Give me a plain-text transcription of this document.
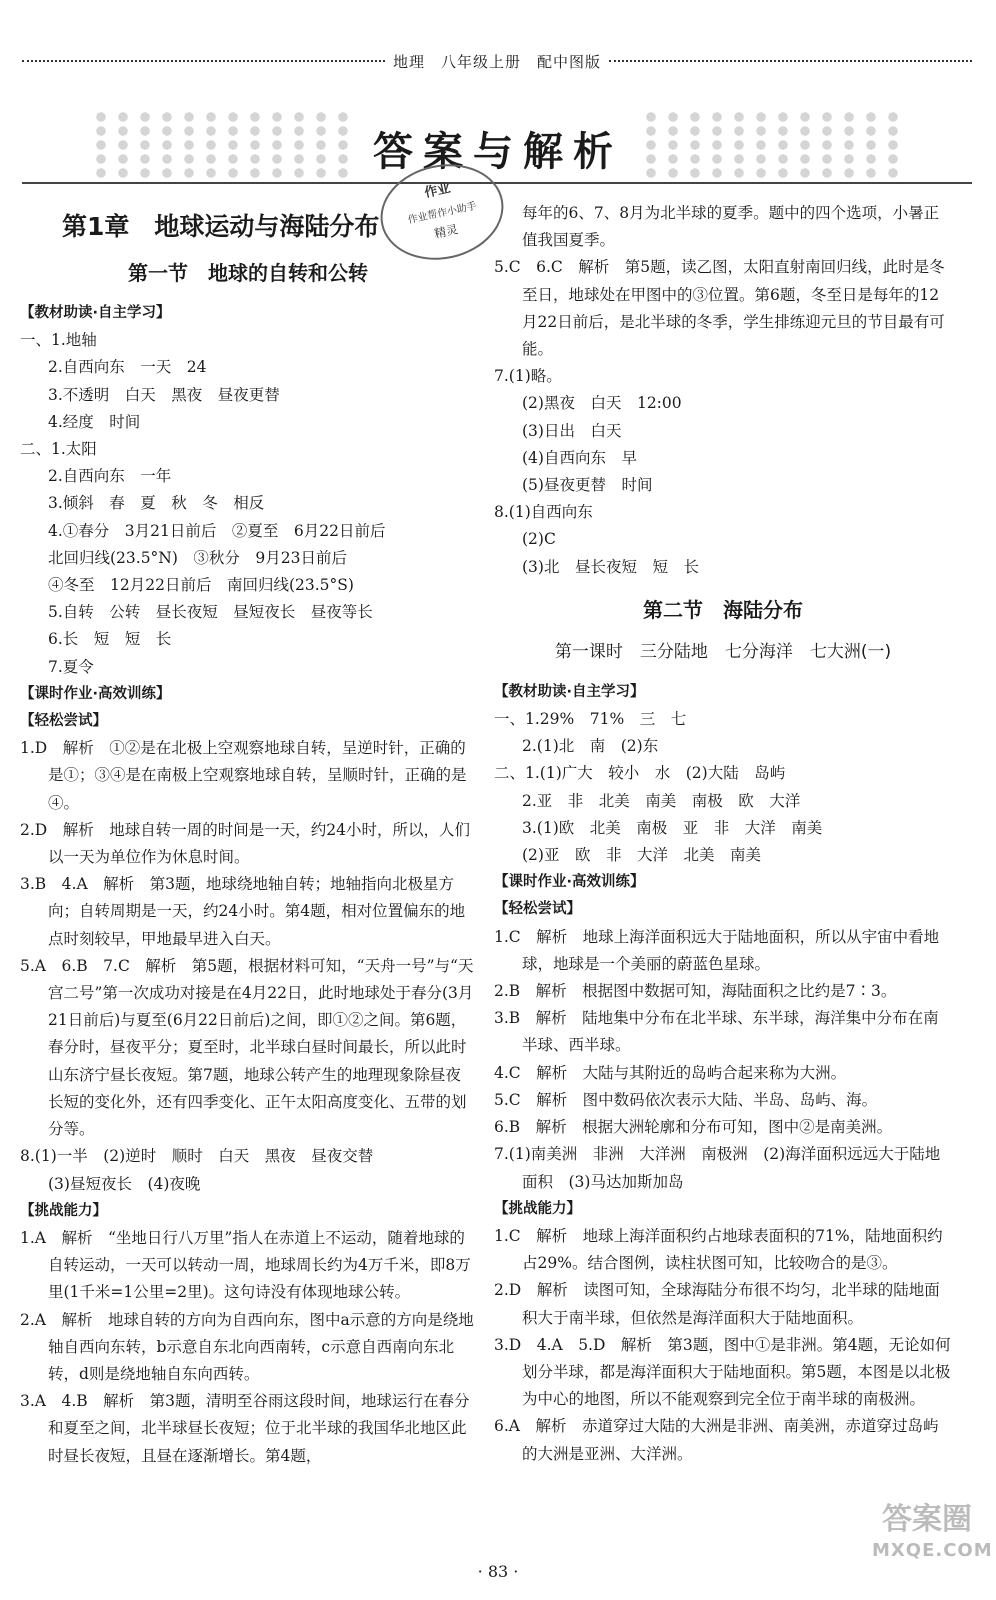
地理　八年级上册　配中图版
答案与解析
作业
作业帮作小助手
精灵

第1章　地球运动与海陆分布

第一节　地球的自转和公转

【教材助读·自主学习】

一、1.地轴

2.自西向东　一天　24

3.不透明　白天　黑夜　昼夜更替

4.经度　时间

二、1.太阳

2.自西向东　一年

3.倾斜　春　夏　秋　冬　相反

4.①春分　3月21日前后　②夏至　6月22日前后

北回归线(23.5°N)　③秋分　9月23日前后

④冬至　12月22日前后　南回归线(23.5°S)

5.自转　公转　昼长夜短　昼短夜长　昼夜等长

6.长　短　短　长

7.夏令

【课时作业·高效训练】

【轻松尝试】

1.D　解析　①②是在北极上空观察地球自转，呈逆时针，正确的是①；③④是在南极上空观察地球自转，呈顺时针，正确的是④。

2.D　解析　地球自转一周的时间是一天，约24小时，所以，人们以一天为单位作为休息时间。

3.B　4.A　解析　第3题，地球绕地轴自转；地轴指向北极星方向；自转周期是一天，约24小时。第4题，相对位置偏东的地点时刻较早，甲地最早进入白天。

5.A　6.B　7.C　解析　第5题，根据材料可知，“天舟一号”与“天宫二号”第一次成功对接是在4月22日，此时地球处于春分(3月21日前后)与夏至(6月22日前后)之间，即①②之间。第6题，春分时，昼夜平分；夏至时，北半球白昼时间最长，所以此时山东济宁昼长夜短。第7题，地球公转产生的地理现象除昼夜长短的变化外，还有四季变化、正午太阳高度变化、五带的划分等。

8.(1)一半　(2)逆时　顺时　白天　黑夜　昼夜交替

(3)昼短夜长　(4)夜晚

【挑战能力】

1.A　解析　“坐地日行八万里”指人在赤道上不运动，随着地球的自转运动，一天可以转动一周，地球周长约为4万千米，即8万里(1千米=1公里=2里)。这句诗没有体现地球公转。

2.A　解析　地球自转的方向为自西向东，图中a示意的方向是绕地轴自西向东转，b示意自东北向西南转，c示意自西南向东北转，d则是绕地轴自东向西转。

3.A　4.B　解析　第3题，清明至谷雨这段时间，地球运行在春分和夏至之间，北半球昼长夜短；位于北半球的我国华北地区此时昼长夜短，且昼在逐渐增长。第4题，

每年的6、7、8月为北半球的夏季。题中的四个选项，小暑正值我国夏季。

5.C　6.C　解析　第5题，读乙图，太阳直射南回归线，此时是冬至日，地球处在甲图中的③位置。第6题，冬至日是每年的12月22日前后，是北半球的冬季，学生排练迎元旦的节目最有可能。

7.(1)略。

(2)黑夜　白天　12:00

(3)日出　白天

(4)自西向东　早

(5)昼夜更替　时间

8.(1)自西向东

(2)C

(3)北　昼长夜短　短　长

第二节　海陆分布

第一课时　三分陆地　七分海洋　七大洲(一)

【教材助读·自主学习】

一、1.29%　71%　三　七

2.(1)北　南　(2)东

二、1.(1)广大　较小　水　(2)大陆　岛屿

2.亚　非　北美　南美　南极　欧　大洋

3.(1)欧　北美　南极　亚　非　大洋　南美

(2)亚　欧　非　大洋　北美　南美

【课时作业·高效训练】

【轻松尝试】

1.C　解析　地球上海洋面积远大于陆地面积，所以从宇宙中看地球，地球是一个美丽的蔚蓝色星球。

2.B　解析　根据图中数据可知，海陆面积之比约是7∶3。

3.B　解析　陆地集中分布在北半球、东半球，海洋集中分布在南半球、西半球。

4.C　解析　大陆与其附近的岛屿合起来称为大洲。

5.C　解析　图中数码依次表示大陆、半岛、岛屿、海。

6.B　解析　根据大洲轮廓和分布可知，图中②是南美洲。

7.(1)南美洲　非洲　大洋洲　南极洲　(2)海洋面积远远大于陆地面积　(3)马达加斯加岛

【挑战能力】

1.C　解析　地球上海洋面积约占地球表面积的71%，陆地面积约占29%。结合图例，读柱状图可知，比较吻合的是③。

2.D　解析　读图可知，全球海陆分布很不均匀，北半球的陆地面积大于南半球，但依然是海洋面积大于陆地面积。

3.D　4.A　5.D　解析　第3题，图中①是非洲。第4题，无论如何划分半球，都是海洋面积大于陆地面积。第5题，本图是以北极为中心的地图，所以不能观察到完全位于南半球的南极洲。

6.A　解析　赤道穿过大陆的大洲是非洲、南美洲，赤道穿过岛屿的大洲是亚洲、大洋洲。

· 83 ·
答案圈
MXQE.COM
